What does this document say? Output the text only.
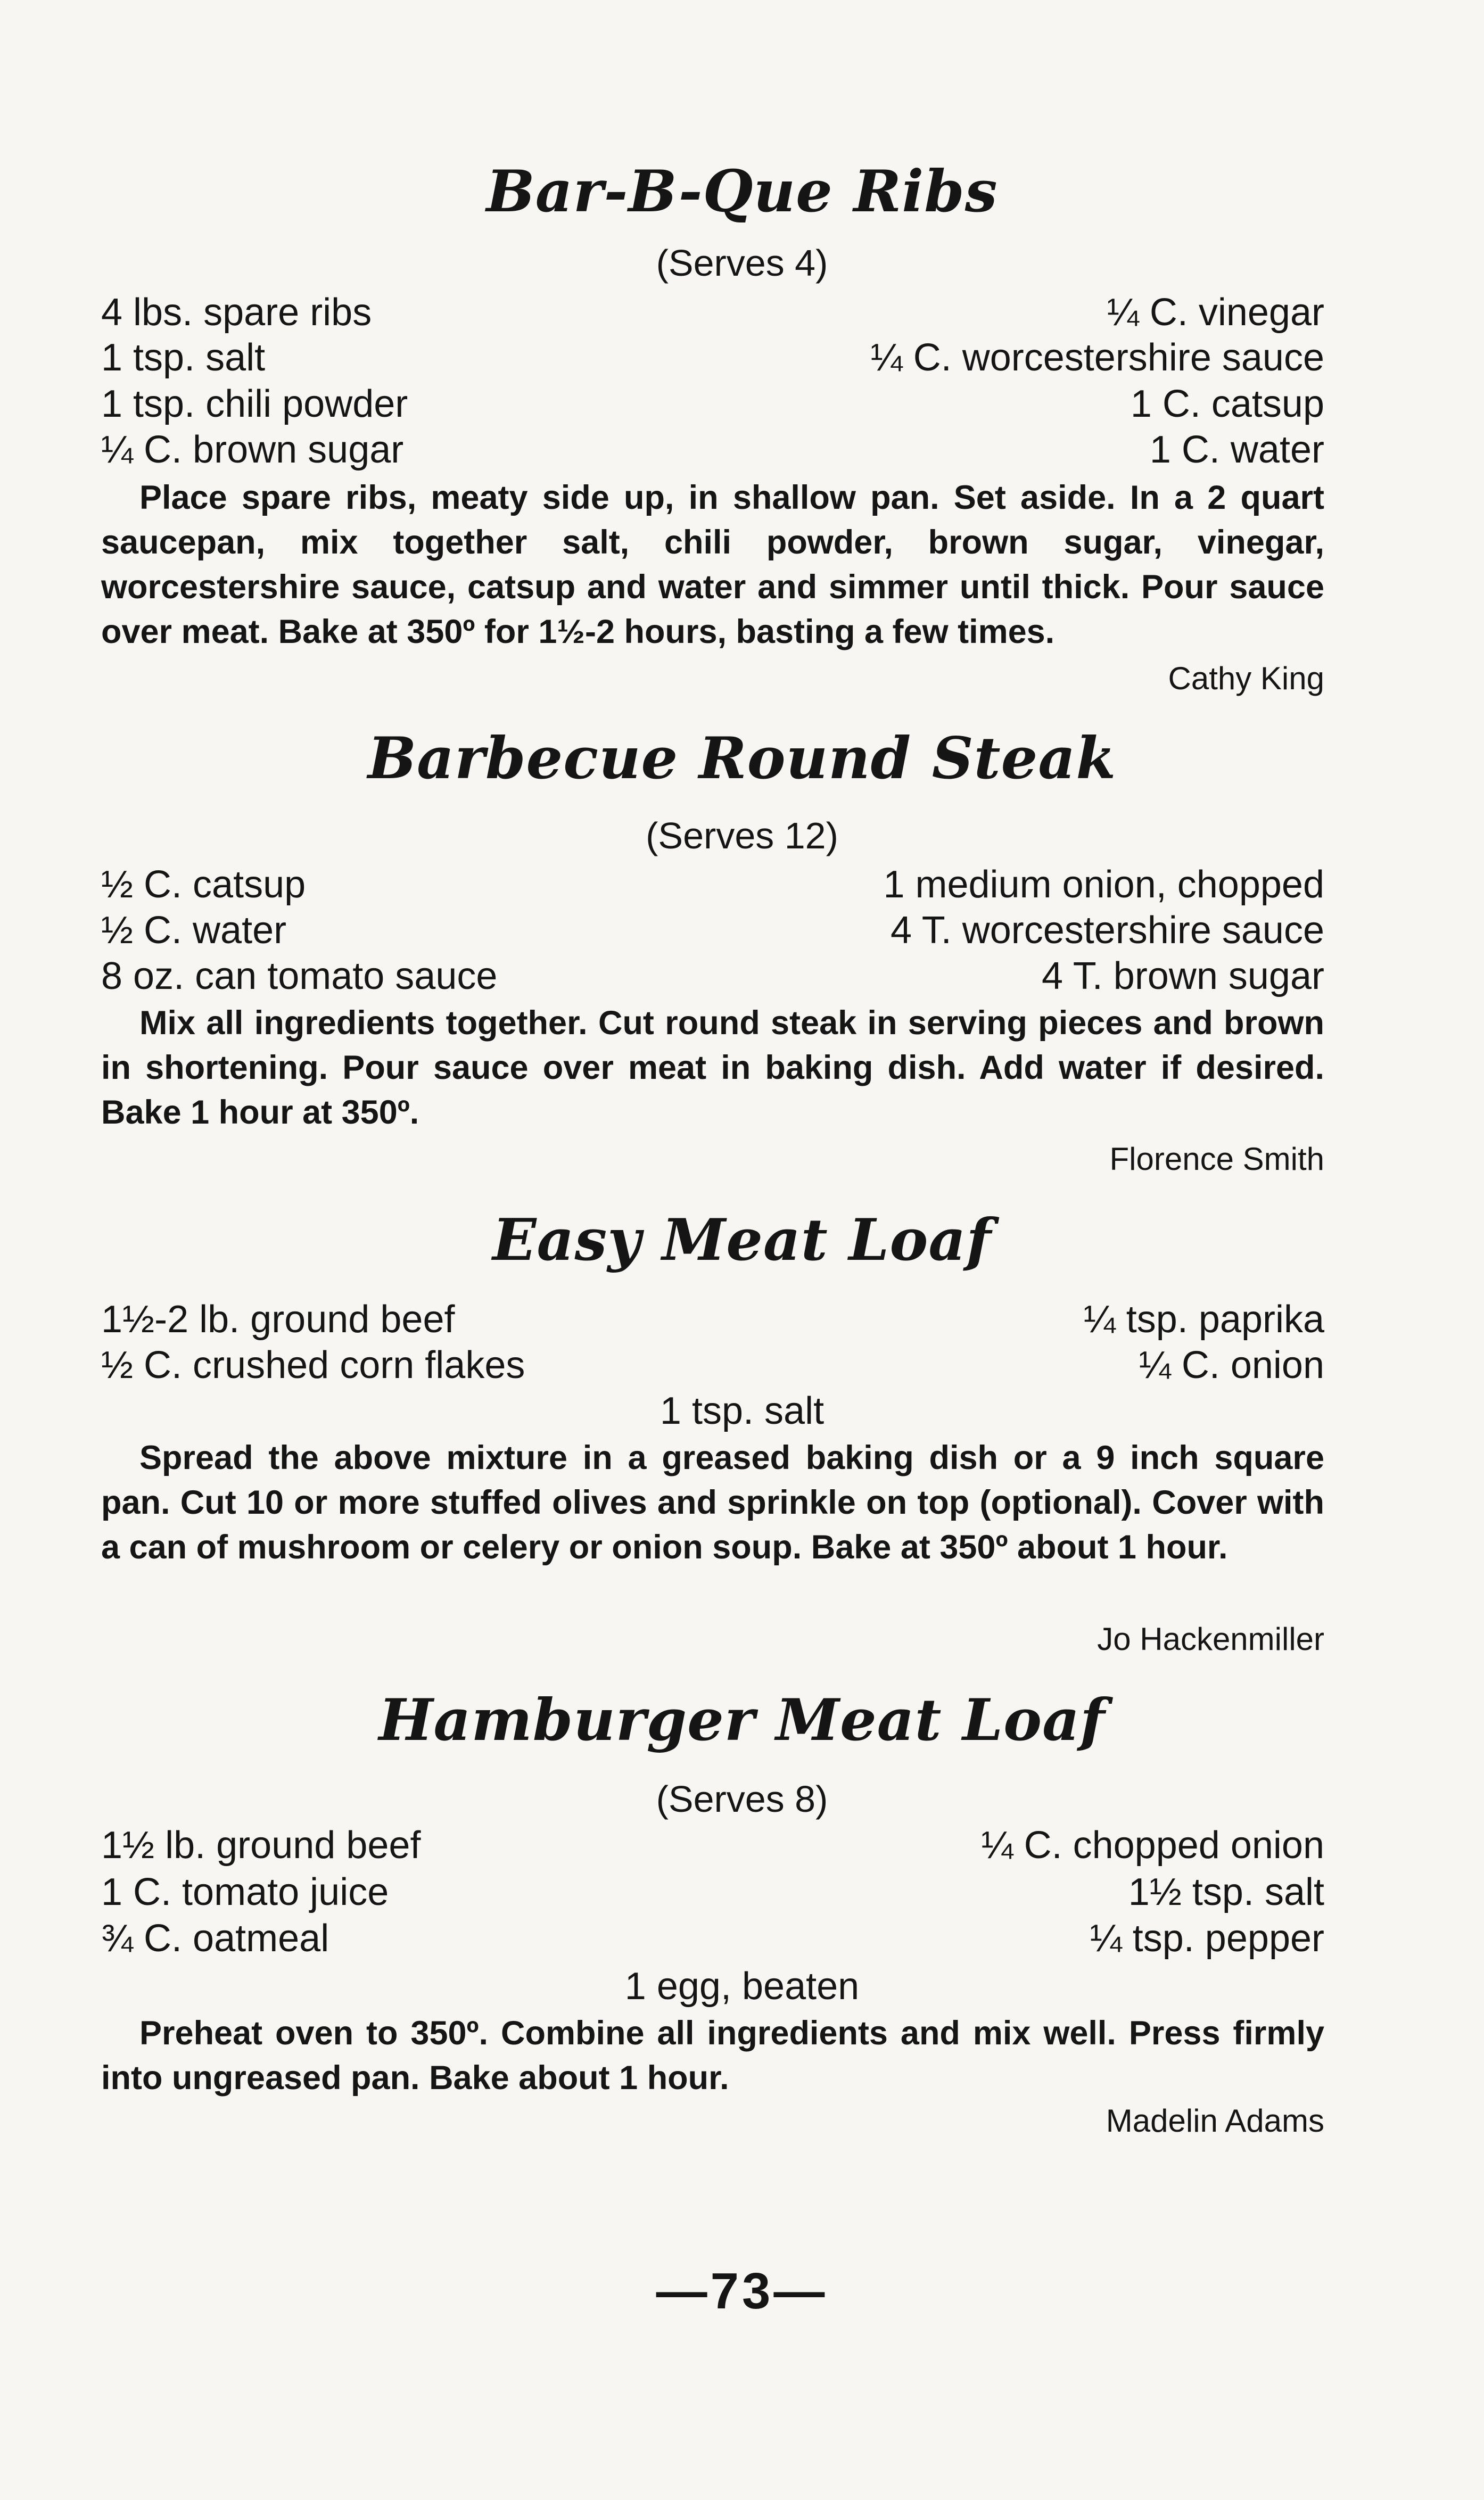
Bar-B-Que Ribs
(Serves 4)
4 lbs. spare ribs	¼ C. vinegar
1 tsp. salt	¼ C. worcestershire sauce
1 tsp. chili powder	1 C. catsup
¼ C. brown sugar	1 C. water
Place spare ribs, meaty side up, in shallow pan. Set aside. In a 2 quart saucepan, mix together salt, chili powder, brown sugar, vinegar, worcestershire sauce, catsup and water and simmer until thick. Pour sauce over meat. Bake at 350º for 1½-2 hours, basting a few times.
Cathy King
Barbecue Round Steak
(Serves 12)
½ C. catsup	1 medium onion, chopped
½ C. water	4 T. worcestershire sauce
8 oz. can tomato sauce	4 T. brown sugar
Mix all ingredients together. Cut round steak in serving pieces and brown in shortening. Pour sauce over meat in baking dish. Add water if desired. Bake 1 hour at 350º.
Florence Smith
Easy Meat Loaf
1½-2 lb. ground beef	¼ tsp. paprika
½ C. crushed corn flakes	¼ C. onion
1 tsp. salt
Spread the above mixture in a greased baking dish or a 9 inch square pan. Cut 10 or more stuffed olives and sprinkle on top (optional). Cover with a can of mushroom or celery or onion soup. Bake at 350º about 1 hour.
Jo Hackenmiller
Hamburger Meat Loaf
(Serves 8)
1½ lb. ground beef	¼ C. chopped onion
1 C. tomato juice	1½ tsp. salt
¾ C. oatmeal	¼ tsp. pepper
1 egg, beaten
Preheat oven to 350º. Combine all ingredients and mix well. Press firmly into ungreased pan. Bake about 1 hour.
Madelin Adams
—73—
